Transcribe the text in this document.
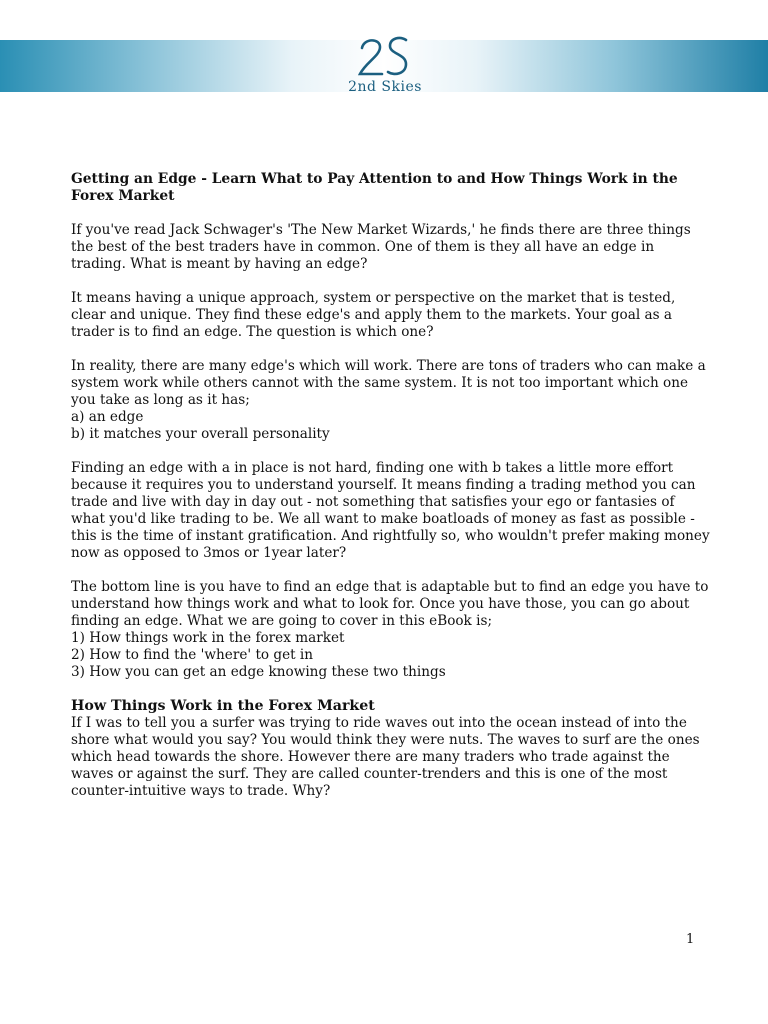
2nd Skies

Getting an Edge - Learn What to Pay Attention to and How Things Work in the Forex Market

If you've read Jack Schwager's 'The New Market Wizards,' he finds there are three things the best of the best traders have in common. One of them is they all have an edge in trading. What is meant by having an edge?

It means having a unique approach, system or perspective on the market that is tested, clear and unique. They find these edge's and apply them to the markets. Your goal as a trader is to find an edge. The question is which one?

In reality, there are many edge's which will work. There are tons of traders who can make a system work while others cannot with the same system. It is not too important which one you take as long as it has;

a) an edge

b) it matches your overall personality

Finding an edge with a in place is not hard, finding one with b takes a little more effort because it requires you to understand yourself. It means finding a trading method you can trade and live with day in day out - not something that satisfies your ego or fantasies of what you'd like trading to be. We all want to make boatloads of money as fast as possible - this is the time of instant gratification. And rightfully so, who wouldn't prefer making money now as opposed to 3mos or 1year later?

The bottom line is you have to find an edge that is adaptable but to find an edge you have to understand how things work and what to look for. Once you have those, you can go about finding an edge. What we are going to cover in this eBook is;

1) How things work in the forex market

2) How to find the 'where' to get in

3) How you can get an edge knowing these two things

How Things Work in the Forex Market

If I was to tell you a surfer was trying to ride waves out into the ocean instead of into the shore what would you say? You would think they were nuts. The waves to surf are the ones which head towards the shore. However there are many traders who trade against the waves or against the surf. They are called counter-trenders and this is one of the most counter-intuitive ways to trade. Why?

1
